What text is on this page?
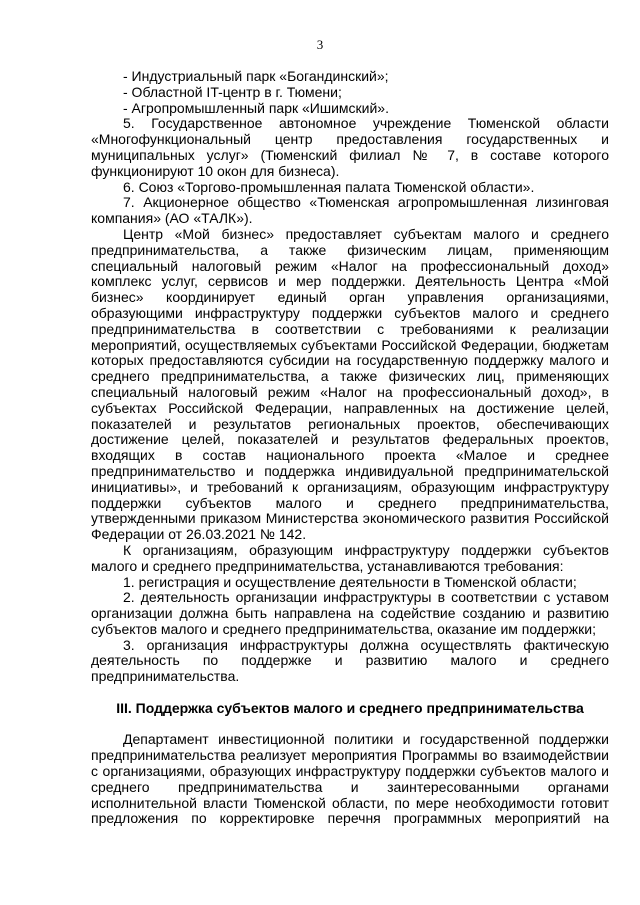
3
- Индустриальный парк «Богандинский»;
- Областной IT-центр в г. Тюмени;
- Агропромышленный парк «Ишимский».
5. Государственное автономное учреждение Тюменской области
«Многофункциональный центр предоставления государственных и
муниципальных услуг» (Тюменский филиал № 7, в составе которого
функционируют 10 окон для бизнеса).
6. Союз «Торгово-промышленная палата Тюменской области».
7. Акционерное общество «Тюменская агропромышленная лизинговая
компания» (АО «ТАЛК»).
Центр «Мой бизнес» предоставляет субъектам малого и среднего
предпринимательства, а также физическим лицам, применяющим
специальный налоговый режим «Налог на профессиональный доход»
комплекс услуг, сервисов и мер поддержки. Деятельность Центра «Мой
бизнес» координирует единый орган управления организациями,
образующими инфраструктуру поддержки субъектов малого и среднего
предпринимательства в соответствии с требованиями к реализации
мероприятий, осуществляемых субъектами Российской Федерации, бюджетам
которых предоставляются субсидии на государственную поддержку малого и
среднего предпринимательства, а также физических лиц, применяющих
специальный налоговый режим «Налог на профессиональный доход», в
субъектах Российской Федерации, направленных на достижение целей,
показателей и результатов региональных проектов, обеспечивающих
достижение целей, показателей и результатов федеральных проектов,
входящих в состав национального проекта «Малое и среднее
предпринимательство и поддержка индивидуальной предпринимательской
инициативы», и требований к организациям, образующим инфраструктуру
поддержки субъектов малого и среднего предпринимательства,
утвержденными приказом Министерства экономического развития Российской
Федерации от 26.03.2021 № 142.
К организациям, образующим инфраструктуру поддержки субъектов
малого и среднего предпринимательства, устанавливаются требования:
1. регистрация и осуществление деятельности в Тюменской области;
2. деятельность организации инфраструктуры в соответствии с уставом
организации должна быть направлена на содействие созданию и развитию
субъектов малого и среднего предпринимательства, оказание им поддержки;
3. организация инфраструктуры должна осуществлять фактическую
деятельность по поддержке и развитию малого и среднего
предпринимательства.
III. Поддержка субъектов малого и среднего предпринимательства
Департамент инвестиционной политики и государственной поддержки
предпринимательства реализует мероприятия Программы во взаимодействии
с организациями, образующих инфраструктуру поддержки субъектов малого и
среднего предпринимательства и заинтересованными органами
исполнительной власти Тюменской области, по мере необходимости готовит
предложения по корректировке перечня программных мероприятий на
